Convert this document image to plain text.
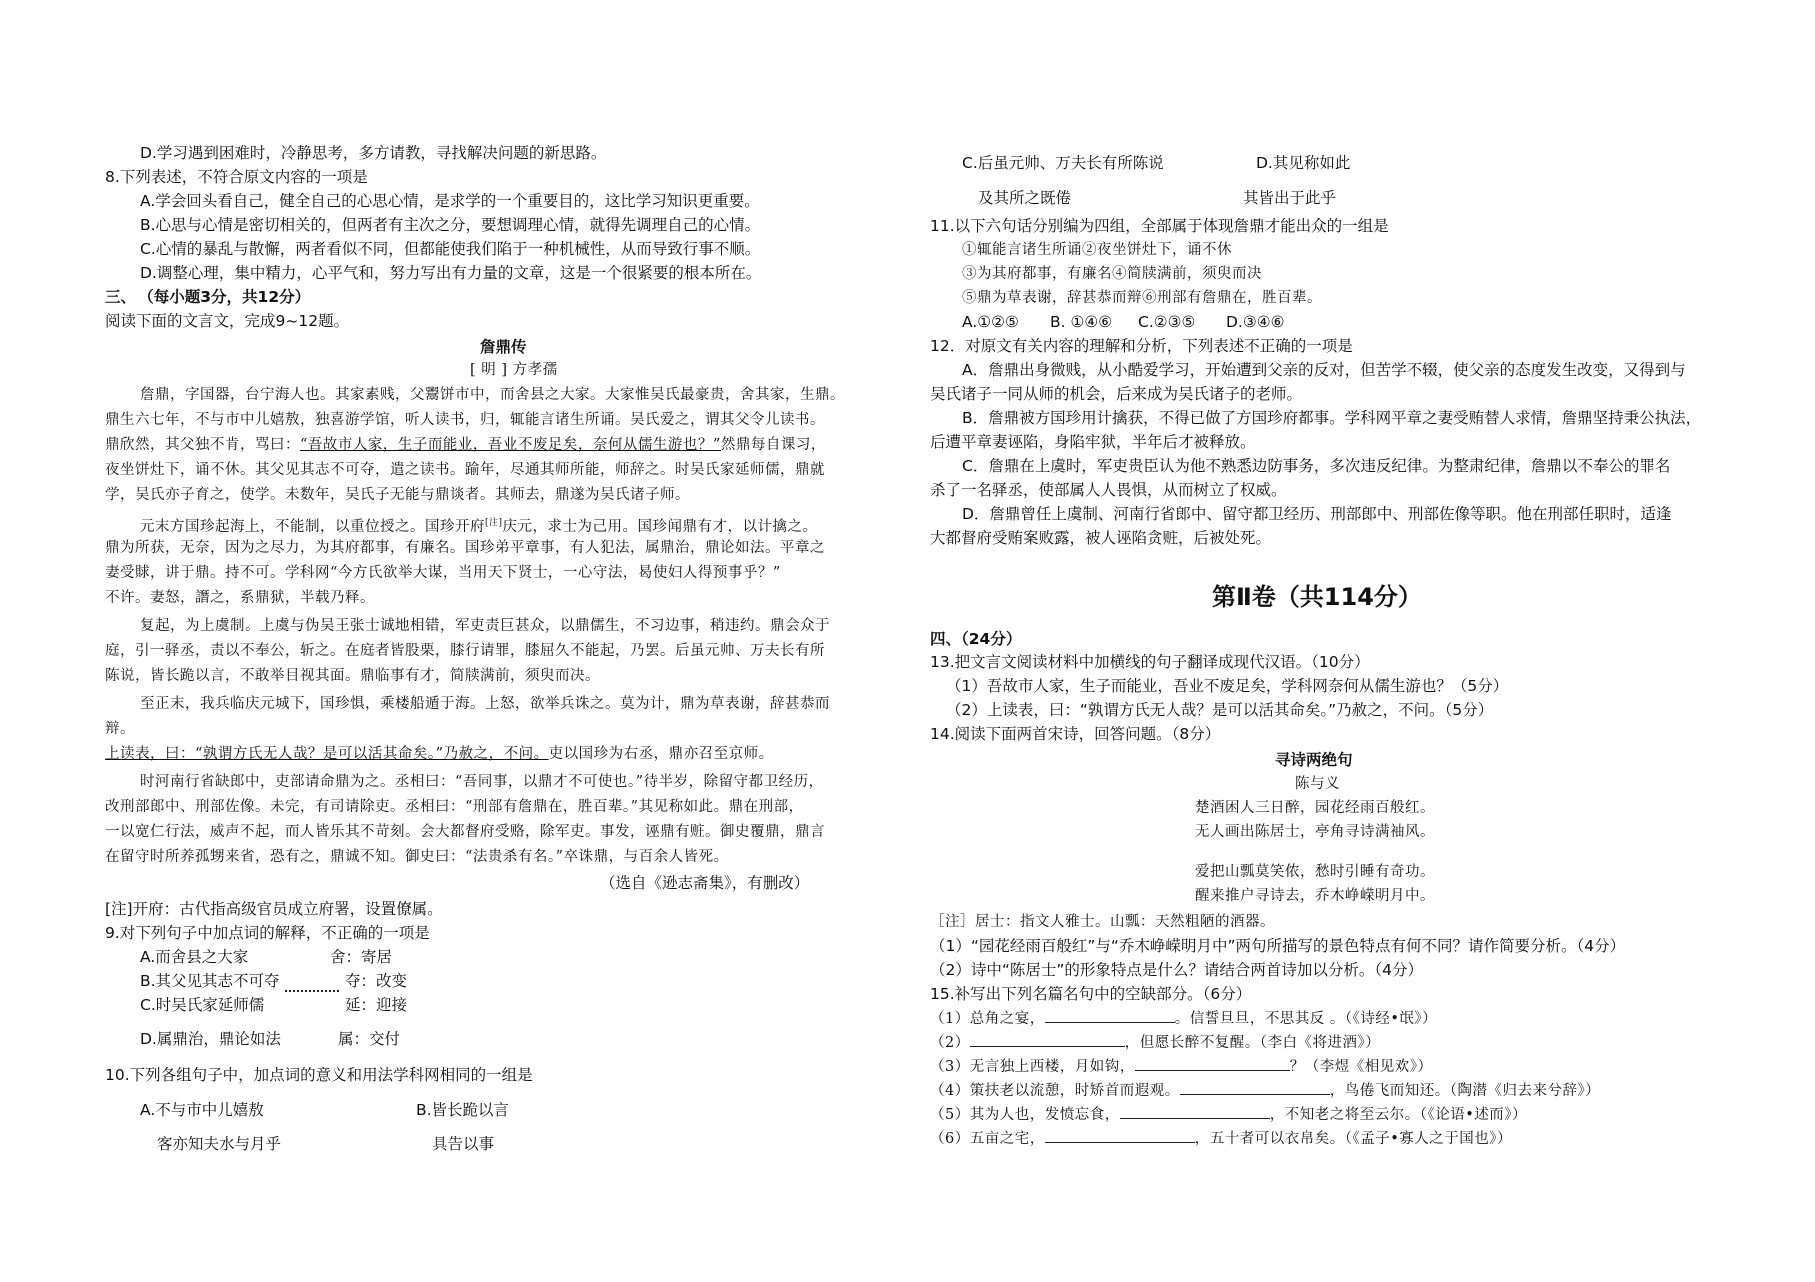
D.学习遇到困难时，冷静思考，多方请教，寻找解决问题的新思路。
8.下列表述，不符合原文内容的一项是
A.学会回头看自己，健全自己的心思心情，是求学的一个重要目的，这比学习知识更重要。
B.心思与心情是密切相关的，但两者有主次之分，要想调理心情，就得先调理自己的心情。
C.心情的暴乱与散懈，两者看似不同，但都能使我们陷于一种机械性，从而导致行事不顺。
D.调整心理，集中精力，心平气和，努力写出有力量的文章，这是一个很紧要的根本所在。
三、 （每小题3分，共12分）
阅读下面的文言文，完成9~12题。
詹鼎传
[ 明 ] 方孝孺
詹鼎，字国器，台宁海人也。其家素贱，父鬻饼市中，而舍县之大家。大家惟吴氏最豪贵，舍其家，生鼎。
鼎生六七年，不与市中儿嬉敖，独喜游学馆，听人读书，归，辄能言诸生所诵。吴氏爱之，谓其父令儿读书。
鼎欣然，其父独不肯，骂曰：“吾故市人家，生子而能业，吾业不废足矣，奈何从儒生游也？”然鼎每自课习，
夜坐饼灶下，诵不休。其父见其志不可夺，遣之读书。踰年，尽通其师所能，师辞之。时吴氏家延师儒，鼎就
学，吴氏亦子育之，使学。未数年，吴氏子无能与鼎谈者。其师去，鼎遂为吴氏诸子师。
元末方国珍起海上，不能制，以重位授之。国珍开府[注]庆元，求士为己用。国珍闻鼎有才，以计擒之。
鼎为所获，无奈，因为之尽力，为其府都事，有廉名。国珍弟平章事，有人犯法，属鼎治，鼎论如法。平章之
妻受賕，讲于鼎。持不可。学科网“今方氏欲举大谋，当用天下贤士，一心守法，曷使妇人得预事乎？”
不许。妻怒，譖之，系鼎狱，半载乃释。
复起，为上虞制。上虞与伪吴王张士诚地相错，军吏责巨甚众，以鼎儒生，不习边事，稍违约。鼎会众于
庭，引一驿丞，责以不奉公，斩之。在庭者皆股栗，膝行请罪，膝屈久不能起，乃罢。后虽元帅、万夫长有所
陈说，皆长跪以言，不敢举目视其面。鼎临事有才，简牍满前，须臾而决。
至正末，我兵临庆元城下，国珍惧，乘楼船遁于海。上怒，欲举兵诛之。莫为计，鼎为草表谢，辞甚恭而
辩。
上读表，曰：“孰谓方氏无人哉？是可以活其命矣。”乃赦之，不问。吏以国珍为右丞，鼎亦召至京师。
时河南行省缺郎中，吏部请命鼎为之。丞相曰：“吾同事，以鼎才不可使也。”待半岁，除留守都卫经历，
改刑部郎中、刑部佐像。未完，有司请除吏。丞相曰：“刑部有詹鼎在，胜百辈。”其见称如此。鼎在刑部，
一以宽仁行法，威声不起，而人皆乐其不苛刻。会大都督府受赂，除军吏。事发，诬鼎有赃。御史覆鼎，鼎言
在留守时所养孤甥来省，恐有之，鼎诚不知。御史曰：“法贵杀有名。”卒诛鼎，与百余人皆死。
（选自《逊志斋集》，有删改）
[注]开府：古代指高级官员成立府署，设置僚属。
9.对下列句子中加点词的解释，不正确的一项是
A.而舍县之大家	舍：寄居
B.其父见其志不可夺	夺：改变
C.时吴氏家延师儒	延：迎接
D.属鼎治，鼎论如法	属：交付
10.下列各组句子中，加点词的意义和用法学科网相同的一组是
A.不与市中儿嬉敖	B.皆长跪以言
客亦知夫水与月乎	具告以事
C.后虽元帅、万夫长有所陈说	D.其见称如此
及其所之既倦	其皆出于此乎
11.以下六句话分别编为四组，全部属于体现詹鼎才能出众的一组是
①辄能言诸生所诵②夜坐饼灶下，诵不休
③为其府都事，有廉名④简牍满前，须臾而决
⑤鼎为草表谢，辞甚恭而辩⑥刑部有詹鼎在，胜百辈。
A.①②⑤ B. ①④⑥ C.②③⑤ D.③④⑥
12．对原文有关内容的理解和分析，下列表述不正确的一项是
A．詹鼎出身微贱，从小酷爱学习，开始遭到父亲的反对，但苦学不辍，使父亲的态度发生改变，又得到与
吴氏诸子一同从师的机会，后来成为吴氏诸子的老师。
B．詹鼎被方国珍用计擒获，不得已做了方国珍府都事。学科网平章之妻受贿替人求情，詹鼎坚持秉公执法，
后遭平章妻诬陷，身陷牢狱，半年后才被释放。
C．詹鼎在上虞时，军吏贵臣认为他不熟悉边防事务，多次违反纪律。为整肃纪律，詹鼎以不奉公的罪名
杀了一名驿丞，使部属人人畏惧，从而树立了权威。
D．詹鼎曾任上虞制、河南行省郎中、留守都卫经历、刑部郎中、刑部佐像等职。他在刑部任职时，适逢
大都督府受贿案败露，被人诬陷贪赃，后被处死。
第Ⅱ卷（共114分）
四、（24分）
13.把文言文阅读材料中加横线的句子翻译成现代汉语。（10分）
（1）吾故市人家，生子而能业，吾业不废足矣，学科网奈何从儒生游也？（5分）
（2）上读表，曰：“孰谓方氏无人哉？是可以活其命矣。”乃赦之，不问。（5分）
14.阅读下面两首宋诗，回答问题。（8分）
寻诗两绝句
陈与义
楚酒困人三日醉，园花经雨百般红。
无人画出陈居士，亭角寻诗满袖风。
爱把山瓢莫笑侬，愁时引睡有奇功。
醒来推户寻诗去，乔木峥嵘明月中。
［注］居士：指文人雅士。山瓢：天然粗陋的酒器。
（1）“园花经雨百般红”与“乔木峥嵘明月中”两句所描写的景色特点有何不同？请作简要分析。（4分）
（2）诗中“陈居士”的形象特点是什么？请结合两首诗加以分析。（4分）
15.补写出下列名篇名句中的空缺部分。（6分）
（1）总角之宴，	。信誓旦旦，不思其反 。（《诗经•氓》）
（2）	，但愿长醉不复醒。（李白《将进酒》）
（3）无言独上西楼，月如钩，	？（李煜《相见欢》）
（4）策扶老以流憩，时矫首而遐观。	，鸟倦飞而知还。（陶潜《归去来兮辞》）
（5）其为人也，发愤忘食，	，不知老之将至云尔。（《论语•述而》）
（6）五亩之宅，	，五十者可以衣帛矣。（《孟子•寡人之于国也》）
